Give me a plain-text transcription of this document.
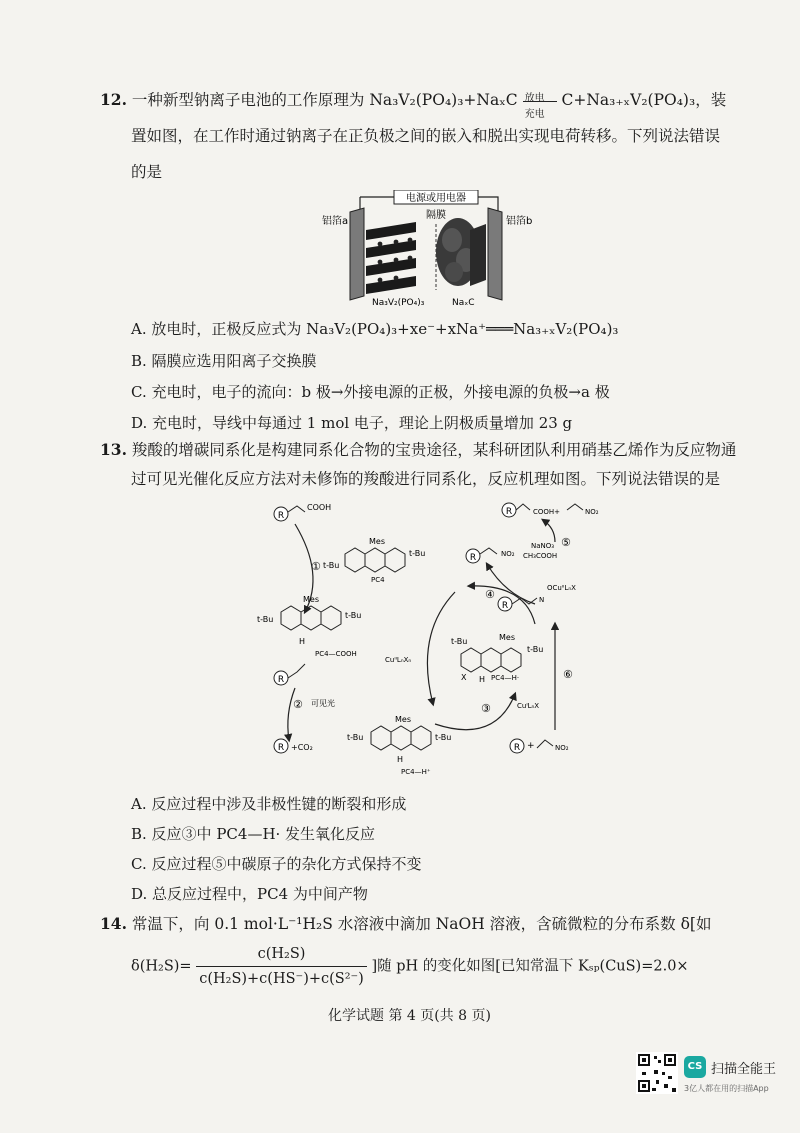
12. 一种新型钠离子电池的工作原理为 Na₃V₂(PO₄)₃+NaₓC 放电
充电
C+Na₃₊ₓV₂(PO₄)₃，装
置如图，在工作时通过钠离子在正负极之间的嵌入和脱出实现电荷转移。下列说法错误
的是
电源或用电器
隔膜
铝箔a	铝箔b
Na₃V₂(PO₄)₃	NaₓC
A. 放电时，正极反应式为 Na₃V₂(PO₄)₃+xe⁻+xNa⁺═══Na₃₊ₓV₂(PO₄)₃
B. 隔膜应选用阳离子交换膜
C. 充电时，电子的流向：b 极→外接电源的正极，外接电源的负极→a 极
D. 充电时，导线中每通过 1 mol 电子，理论上阴极质量增加 23 g
13. 羧酸的增碳同系化是构建同系化合物的宝贵途径，某科研团队利用硝基乙烯作为反应物通
过可见光催化反应方法对未修饰的羧酸进行同系化，反应机理如图。下列说法错误的是
R
COOH
① t-Bu
Mes
t-Bu
PC4
t-Bu
Mes
t-Bu
H
PC4—COOH
R
② 可见光
R +CO₂
t-Bu
Mes
t-Bu
H
PC4—H⁺
CuᴵᴵLₙXₙ
CuᴵLₙX
③
t-Bu	Mes
t-Bu
X H PC4—H·
④
R	NO₂
NaNO₃
CH₃COOH
⑤
R	COOH+	NO₂
R
N
OCuᴵᴵLₙX
⑥
R +	NO₂
A. 反应过程中涉及非极性键的断裂和形成
B. 反应③中 PC4—H· 发生氧化反应
C. 反应过程⑤中碳原子的杂化方式保持不变
D. 总反应过程中，PC4 为中间产物
14. 常温下，向 0.1 mol·L⁻¹H₂S 水溶液中滴加 NaOH 溶液，含硫微粒的分布系数 δ[如
$\delta(H_2S)= \frac{\text{c(H₂S)}}{\text{c(H₂S)+c(HS⁻)+c(S²⁻)}}$ ]随 pH 的变化如图[已知常温下 Kₛₚ(CuS)=2.0×
化学试题 第 4 页(共 8 页)
CS 扫描全能王
3亿人都在用的扫描App
